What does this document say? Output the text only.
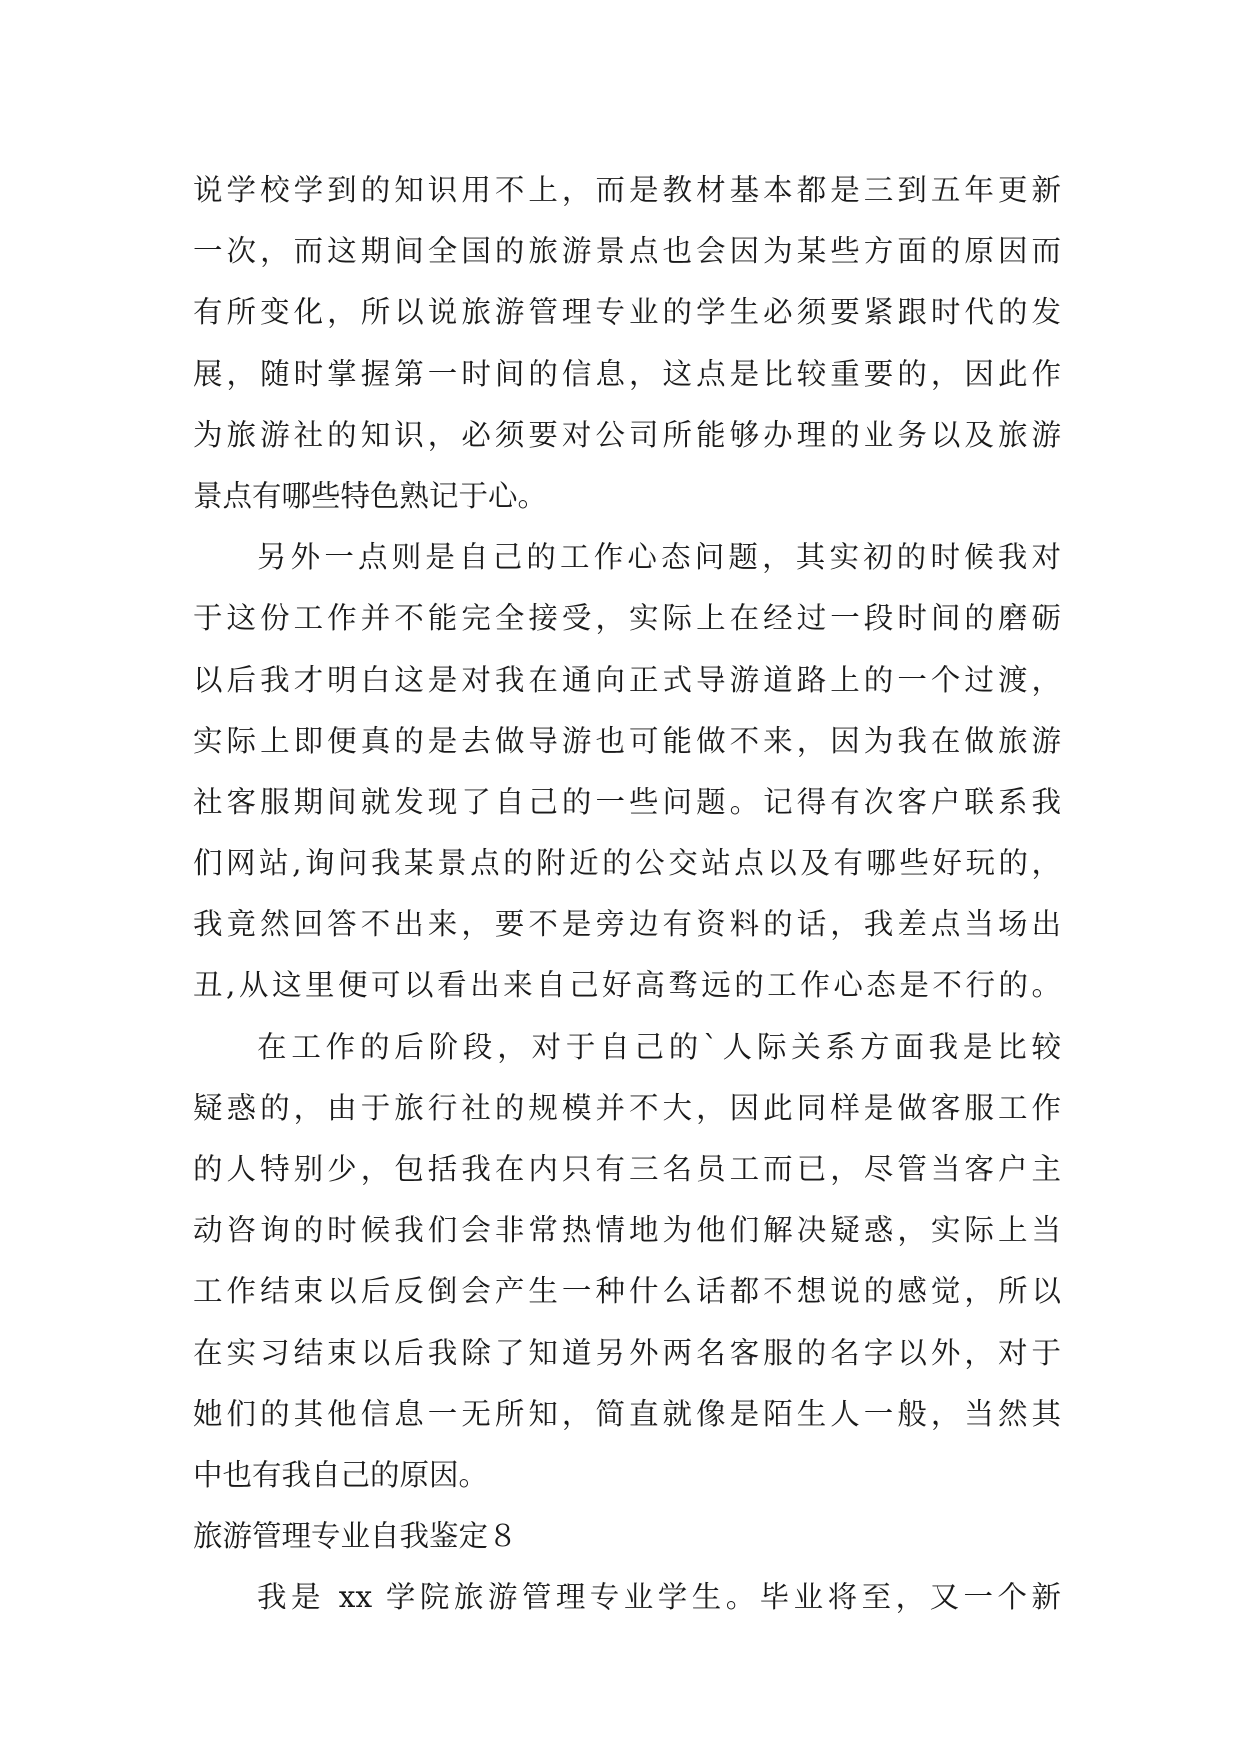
说学校学到的知识用不上，而是教材基本都是三到五年更新
一次，而这期间全国的旅游景点也会因为某些方面的原因而
有所变化，所以说旅游管理专业的学生必须要紧跟时代的发
展，随时掌握第一时间的信息，这点是比较重要的，因此作
为旅游社的知识，必须要对公司所能够办理的业务以及旅游
景点有哪些特色熟记于心。
另外一点则是自己的工作心态问题，其实初的时候我对
于这份工作并不能完全接受，实际上在经过一段时间的磨砺
以后我才明白这是对我在通向正式导游道路上的一个过渡，
实际上即便真的是去做导游也可能做不来，因为我在做旅游
社客服期间就发现了自己的一些问题。记得有次客户联系我
们网站,询问我某景点的附近的公交站点以及有哪些好玩的，
我竟然回答不出来，要不是旁边有资料的话，我差点当场出
丑,从这里便可以看出来自己好高骛远的工作心态是不行的。
在工作的后阶段，对于自己的`人际关系方面我是比较
疑惑的，由于旅行社的规模并不大，因此同样是做客服工作
的人特别少，包括我在内只有三名员工而已，尽管当客户主
动咨询的时候我们会非常热情地为他们解决疑惑，实际上当
工作结束以后反倒会产生一种什么话都不想说的感觉，所以
在实习结束以后我除了知道另外两名客服的名字以外，对于
她们的其他信息一无所知，简直就像是陌生人一般，当然其
中也有我自己的原因。
旅游管理专业自我鉴定８
我是 xx 学院旅游管理专业学生。毕业将至，又一个新
